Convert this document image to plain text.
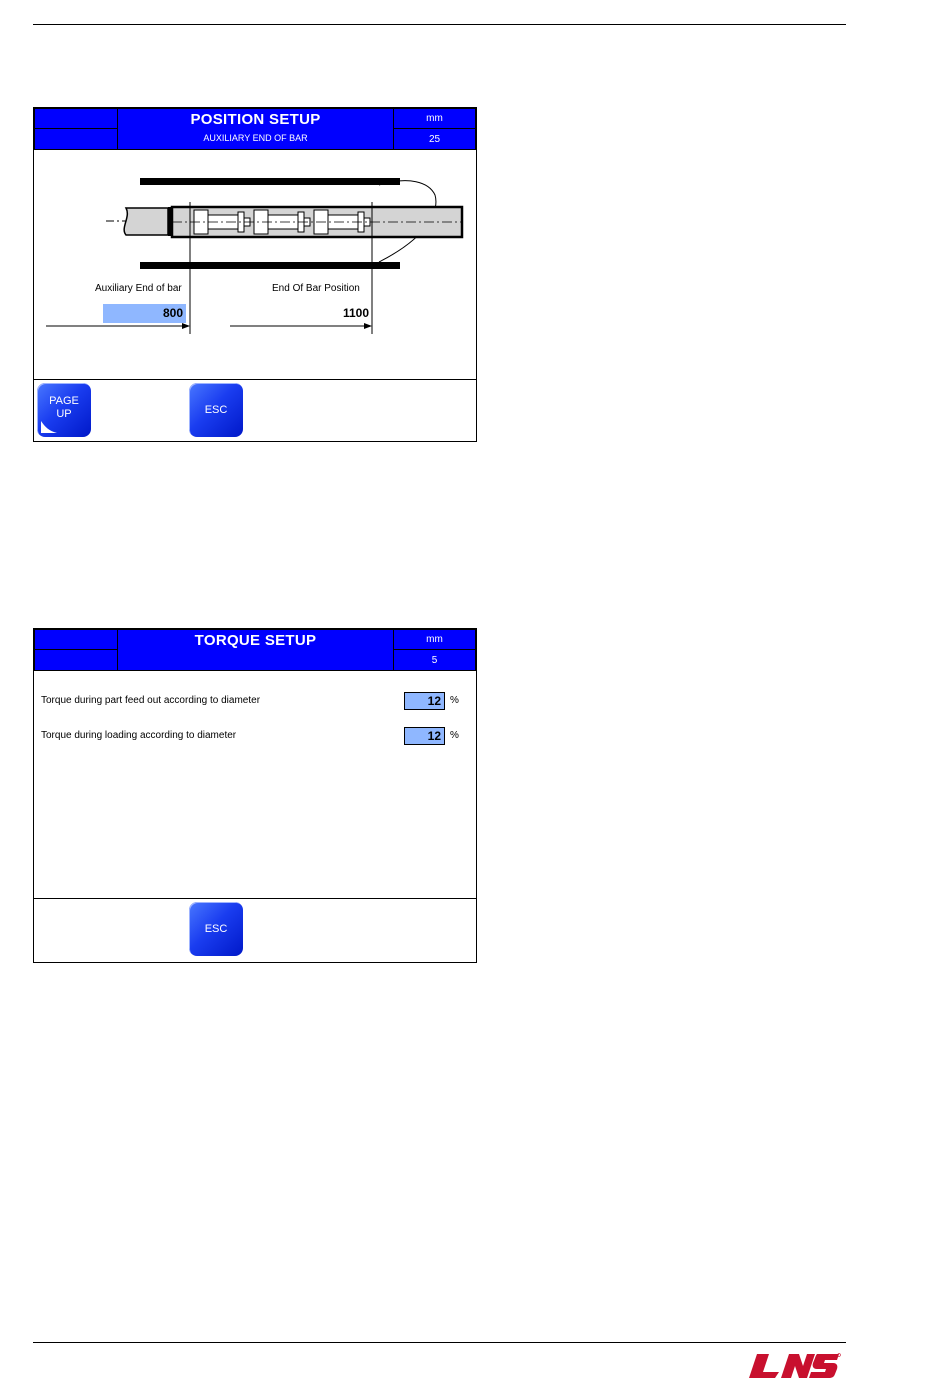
POSITION SETUP
AUXILIARY END OF BAR
mm
25
Auxiliary End of bar
800
End Of Bar Position
1100
PAGE
UP	ESC
TORQUE SETUP	mm
5
Torque during part feed out according to diameter	12 %
Torque during loading according to diameter	12 %
ESC
